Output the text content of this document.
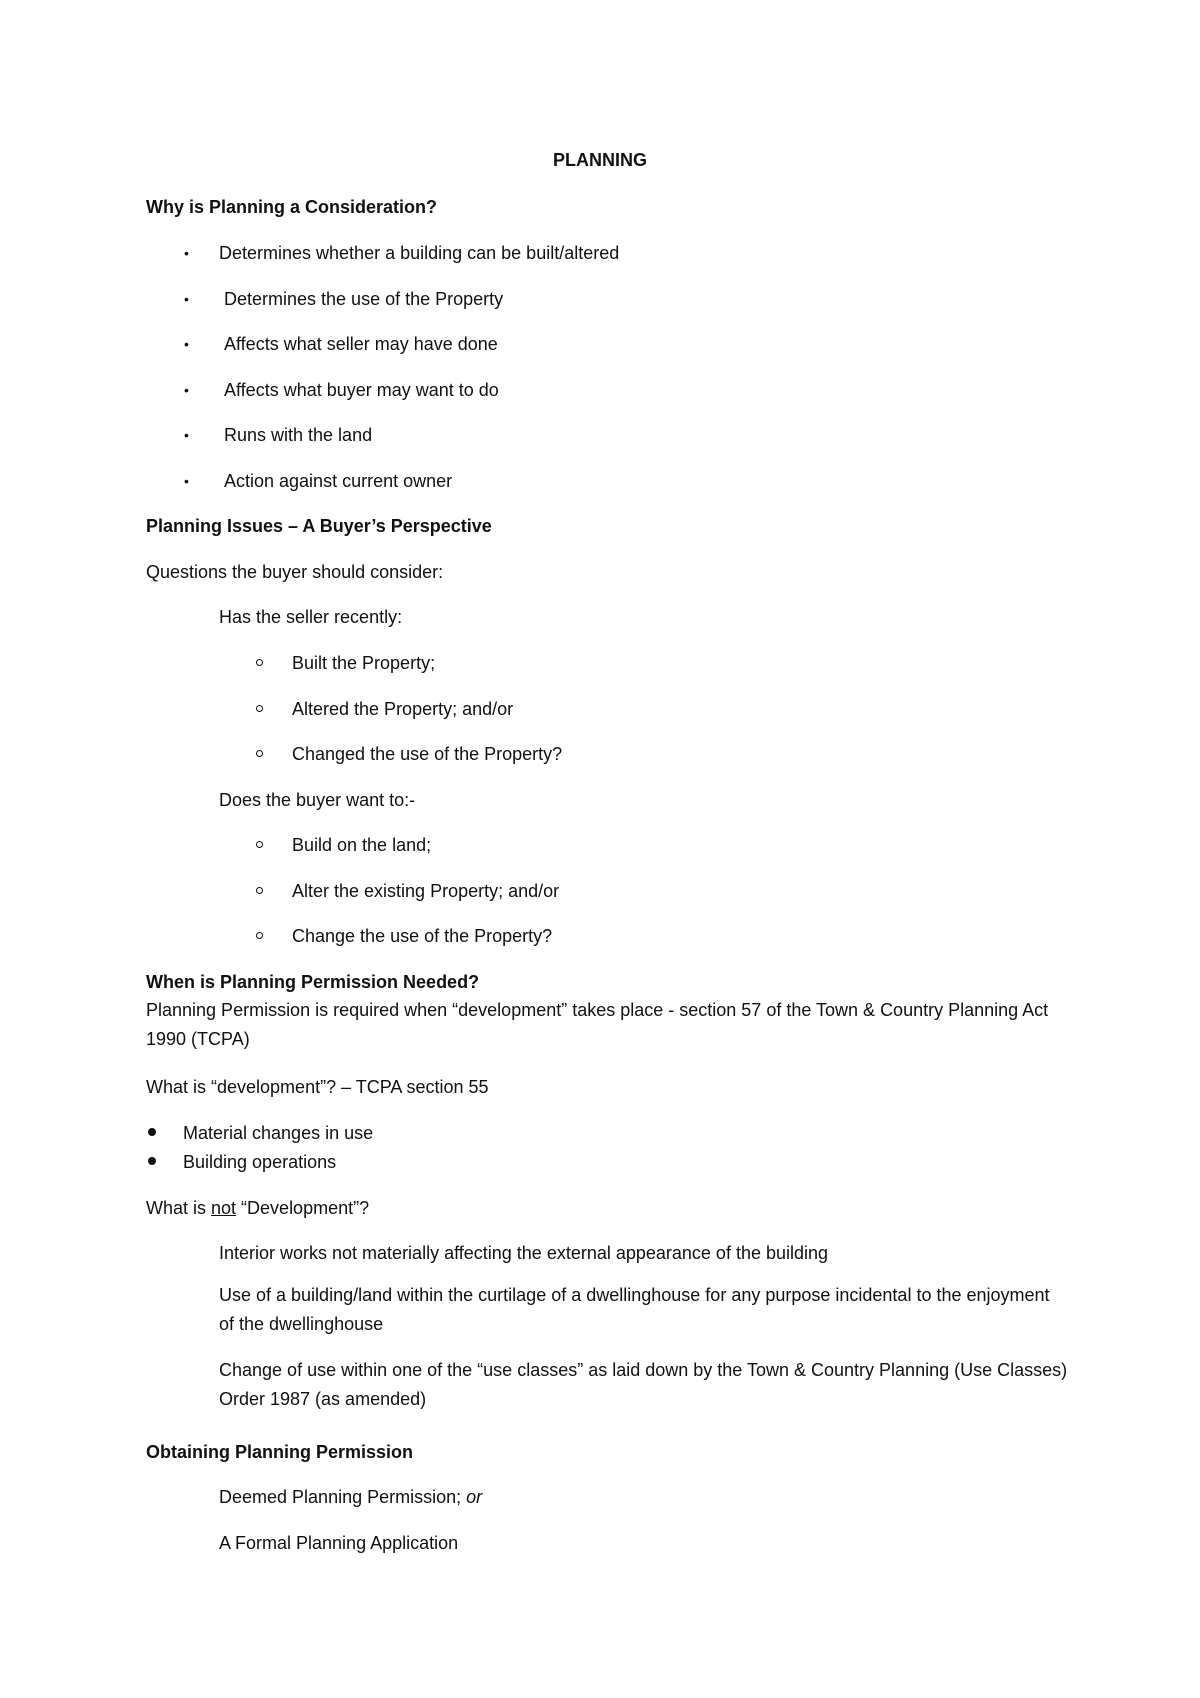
PLANNING
Why is Planning a Consideration?
• Determines whether a building can be built/altered
• Determines the use of the Property
• Affects what seller may have done
• Affects what buyer may want to do
• Runs with the land
• Action against current owner
Planning Issues – A Buyer’s Perspective
Questions the buyer should consider:
Has the seller recently:
Built the Property;
Altered the Property; and/or
Changed the use of the Property?
Does the buyer want to:-
Build on the land;
Alter the existing Property; and/or
Change the use of the Property?
When is Planning Permission Needed?
Planning Permission is required when “development” takes place - section 57 of the Town & Country Planning Act 1990 (TCPA)
What is “development”? – TCPA section 55
Material changes in use
Building operations
What is not “Development”?
Interior works not materially affecting the external appearance of the building
Use of a building/land within the curtilage of a dwellinghouse for any purpose incidental to the enjoyment of the dwellinghouse
Change of use within one of the “use classes” as laid down by the Town & Country Planning (Use Classes) Order 1987 (as amended)
Obtaining Planning Permission
Deemed Planning Permission; or
A Formal Planning Application
